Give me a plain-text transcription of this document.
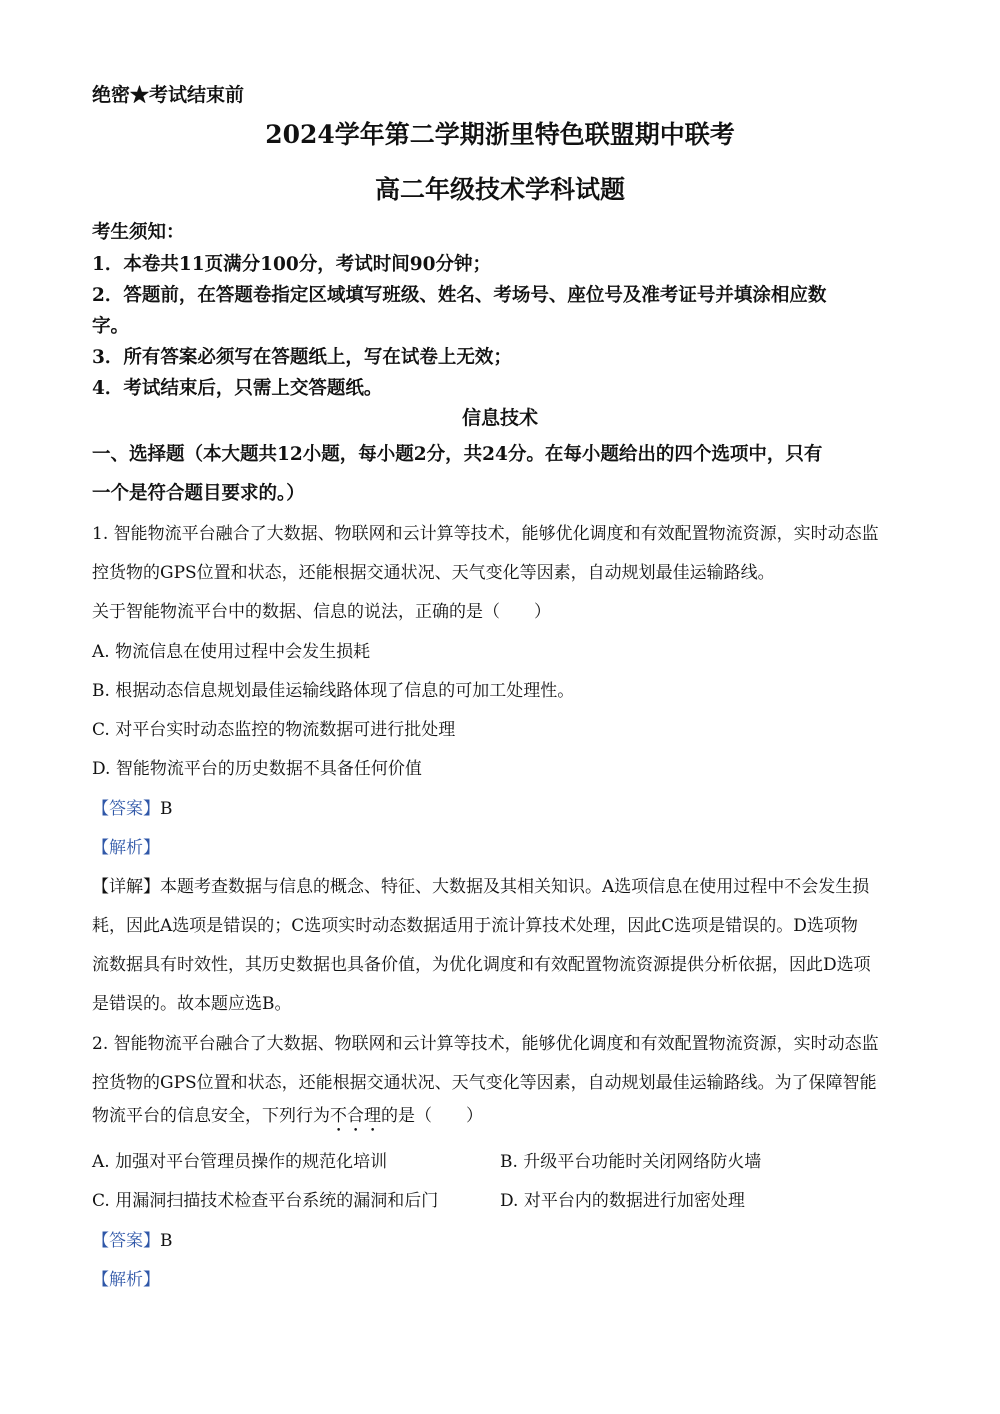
绝密★考试结束前
2024学年第二学期浙里特色联盟期中联考
高二年级技术学科试题
考生须知：
1．本卷共11页满分100分，考试时间90分钟；
2．答题前，在答题卷指定区域填写班级、姓名、考场号、座位号及准考证号并填涂相应数
字。
3．所有答案必须写在答题纸上，写在试卷上无效；
4．考试结束后，只需上交答题纸。
信息技术
一、选择题（本大题共12小题，每小题2分，共24分。在每小题给出的四个选项中，只有
一个是符合题目要求的。）
1. 智能物流平台融合了大数据、物联网和云计算等技术，能够优化调度和有效配置物流资源，实时动态监
控货物的GPS位置和状态，还能根据交通状况、天气变化等因素，自动规划最佳运输路线。
关于智能物流平台中的数据、信息的说法，正确的是（　　）
A. 物流信息在使用过程中会发生损耗
B. 根据动态信息规划最佳运输线路体现了信息的可加工处理性。
C. 对平台实时动态监控的物流数据可进行批处理
D. 智能物流平台的历史数据不具备任何价值
【答案】B
【解析】
【详解】本题考查数据与信息的概念、特征、大数据及其相关知识。A选项信息在使用过程中不会发生损
耗，因此A选项是错误的；C选项实时动态数据适用于流计算技术处理，因此C选项是错误的。D选项物
流数据具有时效性，其历史数据也具备价值，为优化调度和有效配置物流资源提供分析依据，因此D选项
是错误的。故本题应选B。
2. 智能物流平台融合了大数据、物联网和云计算等技术，能够优化调度和有效配置物流资源，实时动态监
控货物的GPS位置和状态，还能根据交通状况、天气变化等因素，自动规划最佳运输路线。为了保障智能
物流平台的信息安全，下列行为不合理的是（　　）
A. 加强对平台管理员操作的规范化培训	B. 升级平台功能时关闭网络防火墙
C. 用漏洞扫描技术检查平台系统的漏洞和后门	D. 对平台内的数据进行加密处理
【答案】B
【解析】
